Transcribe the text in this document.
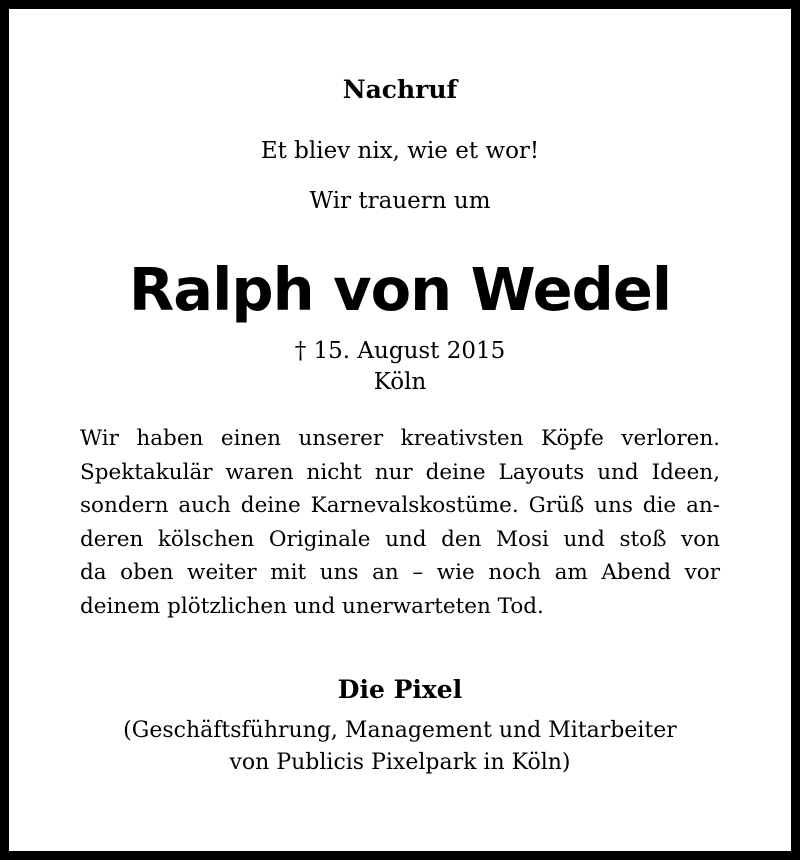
Nachruf

Et bliev nix, wie et wor!

Wir trauern um

Ralph von Wedel

† 15. August 2015

Köln

Wir haben einen unserer kreativsten Köpfe verloren.
Spektakulär waren nicht nur deine Layouts und Ideen,
sondern auch deine Karnevalskostüme. Grüß uns die an-
deren kölschen Originale und den Mosi und stoß von
da oben weiter mit uns an – wie noch am Abend vor
deinem plötzlichen und unerwarteten Tod.
Die Pixel
(Geschäftsführung, Management und Mitarbeiter
von Publicis Pixelpark in Köln)
